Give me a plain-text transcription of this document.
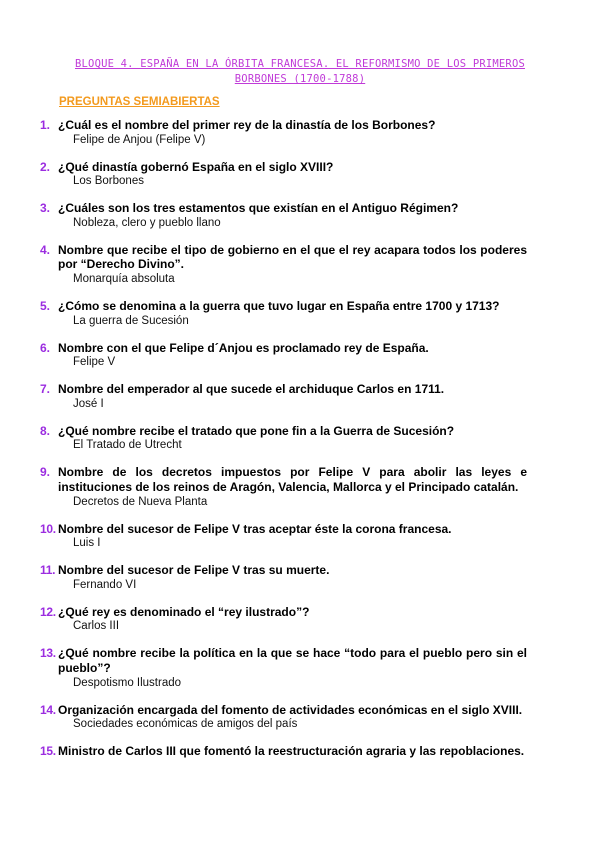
BLOQUE 4. ESPAÑA EN LA ÓRBITA FRANCESA. EL REFORMISMO DE LOS PRIMEROS
BORBONES (1700-1788)
PREGUNTAS SEMIABIERTAS
1. ¿Cuál es el nombre del primer rey de la dinastía de los Borbones?
Felipe de Anjou (Felipe V)
2. ¿Qué dinastía gobernó España en el siglo XVIII?
Los Borbones
3. ¿Cuáles son los tres estamentos que existían en el Antiguo Régimen?
Nobleza, clero y pueblo llano
4. Nombre que recibe el tipo de gobierno en el que el rey acapara todos los poderes por “Derecho Divino”.
Monarquía absoluta
5. ¿Cómo se denomina a la guerra que tuvo lugar en España entre 1700 y 1713?
La guerra de Sucesión
6. Nombre con el que Felipe d´Anjou es proclamado rey de España.
Felipe V
7. Nombre del emperador al que sucede el archiduque Carlos en 1711.
José I
8. ¿Qué nombre recibe el tratado que pone fin a la Guerra de Sucesión?
El Tratado de Utrecht
9. Nombre de los decretos impuestos por Felipe V para abolir las leyes e instituciones de los reinos de Aragón, Valencia, Mallorca y el Principado catalán.
Decretos de Nueva Planta
10. Nombre del sucesor de Felipe V tras aceptar éste la corona francesa.
Luis I
11. Nombre del sucesor de Felipe V tras su muerte.
Fernando VI
12. ¿Qué rey es denominado el “rey ilustrado”?
Carlos III
13. ¿Qué nombre recibe la política en la que se hace “todo para el pueblo pero sin el pueblo”?
Despotismo Ilustrado
14. Organización encargada del fomento de actividades económicas en el siglo XVIII.
Sociedades económicas de amigos del país
15. Ministro de Carlos III que fomentó la reestructuración agraria y las repoblaciones.
